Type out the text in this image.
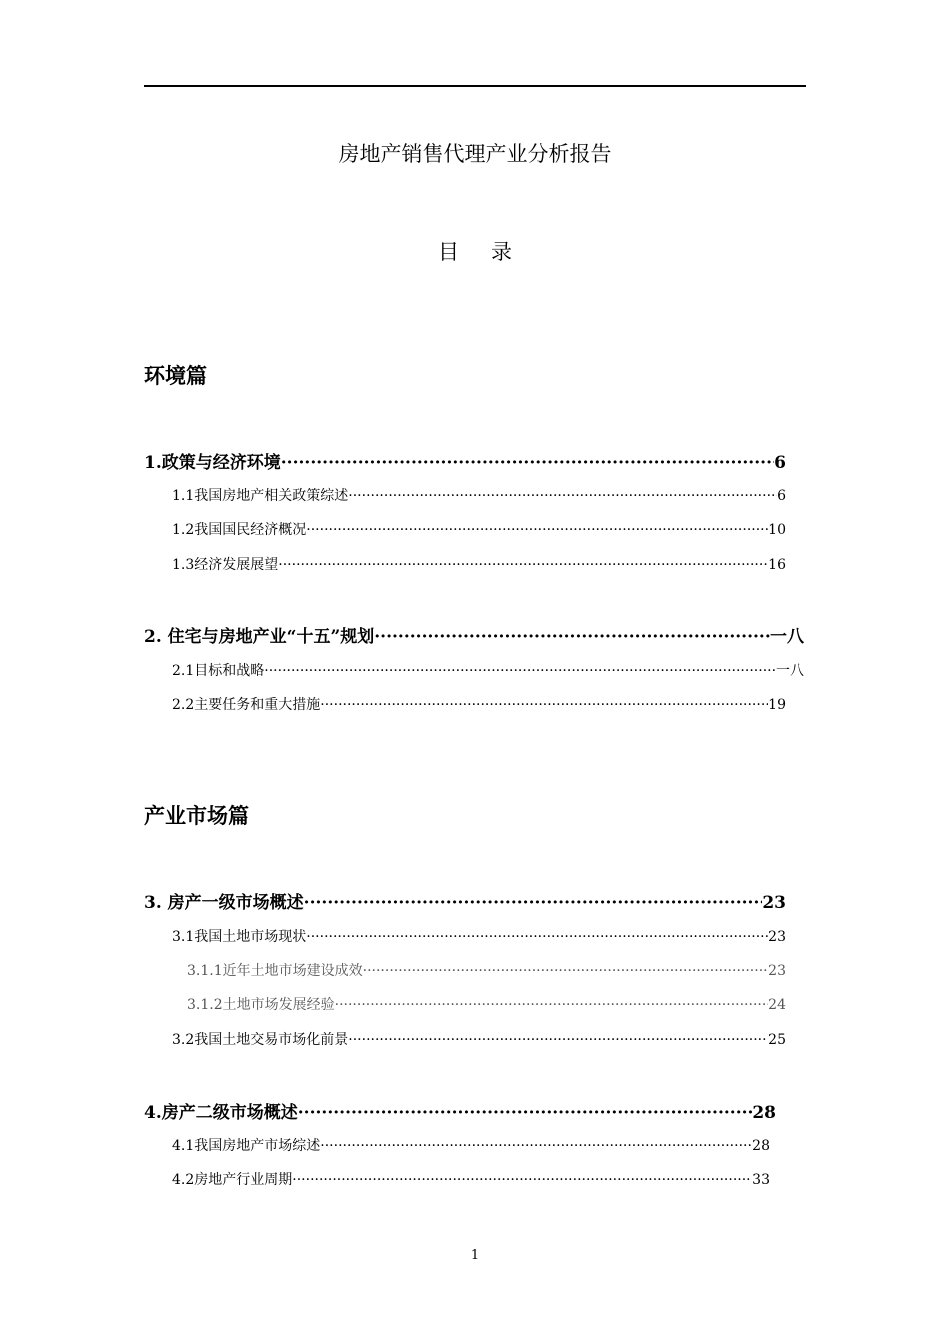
房地产销售代理产业分析报告
目 录
环境篇
1.政策与经济环境 ·····	6
1.1我国房地产相关政策综述 ·····	6
1.2我国国民经济概况 ·····	10
1.3经济发展展望 ·····	16
2. 住宅与房地产业“十五”规划 ·····	一八
2.1目标和战略 ·····	一八
2.2主要任务和重大措施 ·····	19
产业市场篇
3. 房产一级市场概述 ·····	23
3.1我国土地市场现状 ·····	23
3.1.1近年土地市场建设成效 ·····	23
3.1.2土地市场发展经验 ·····	24
3.2我国土地交易市场化前景 ·····	25
4.房产二级市场概述 ·····	28
4.1我国房地产市场综述 ·····	28
4.2房地产行业周期 ·····	33
1
